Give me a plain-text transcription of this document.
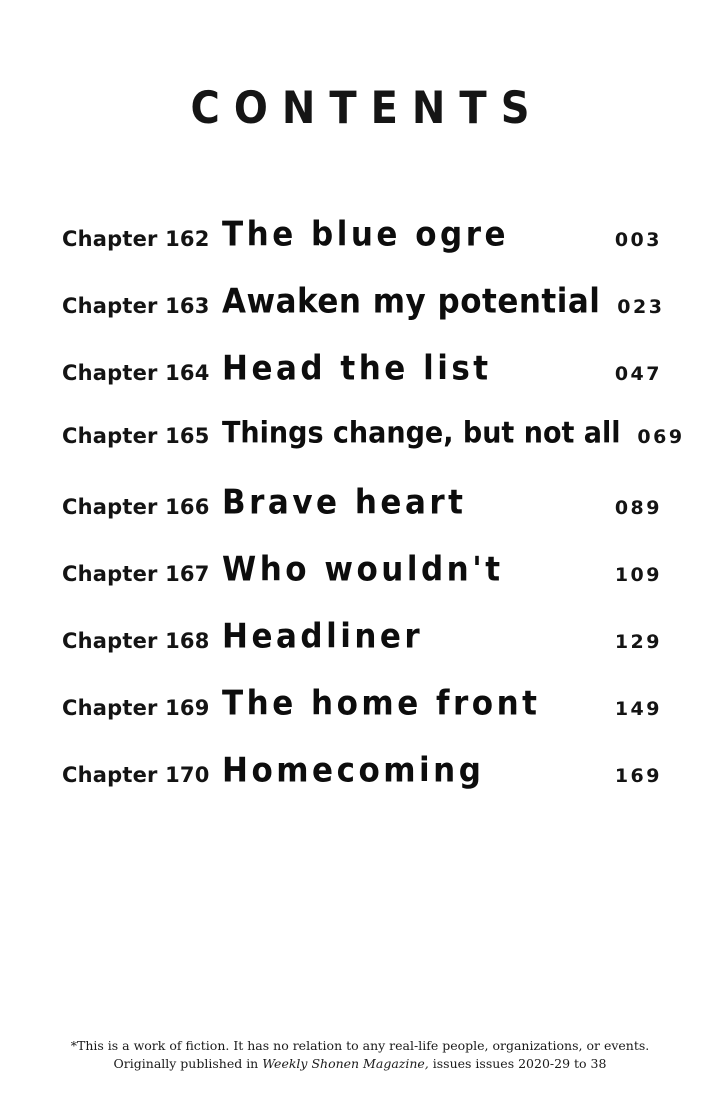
CONTENTS
Chapter 162 The blue ogre	003
Chapter 163 Awaken my potential 023
Chapter 164 Head the list	047
Chapter 165 Things change, but not all 069
Chapter 166 Brave heart	089
Chapter 167 Who wouldn't	109
Chapter 168 Headliner	129
Chapter 169 The home front	149
Chapter 170 Homecoming	169
*This is a work of fiction. It has no relation to any real-life people, organizations, or events.
Originally published in Weekly Shonen Magazine, issues issues 2020-29 to 38
